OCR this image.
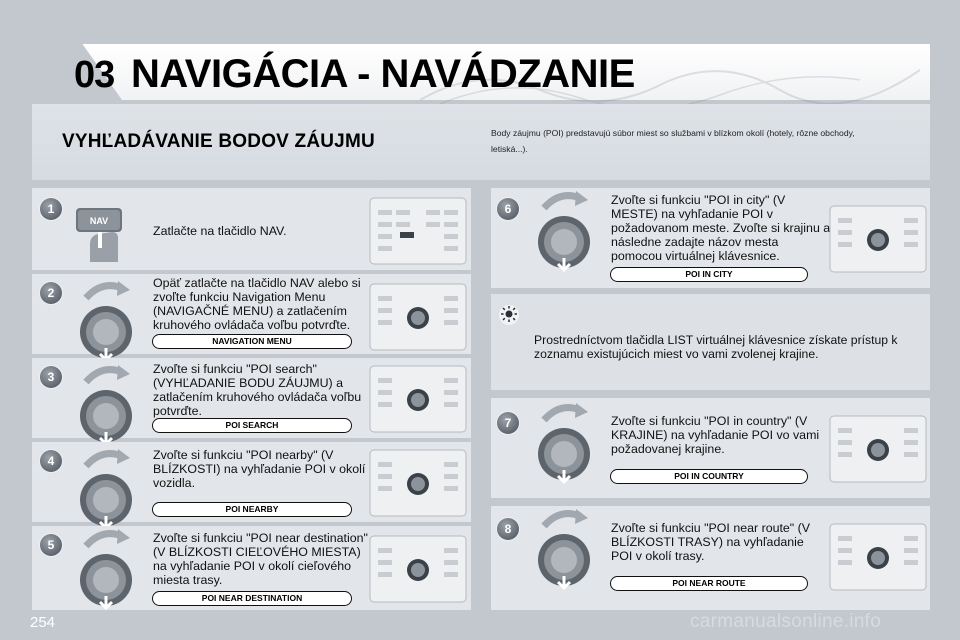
03 NAVIGÁCIA - NAVÁDZANIE
VYHĽADÁVANIE BODOV ZÁUJMU	Body záujmu (POI) predstavujú súbor miest so službami v blízkom okolí (hotely, rôzne obchody, letiská...).
1
NAV
Zatlačte na tlačidlo NAV.
2
Opäť zatlačte na tlačidlo NAV alebo si zvoľte funkciu Navigation Menu (NAVIGAČNÉ MENU) a zatlačením kruhového ovládača voľbu potvrďte.
NAVIGATION MENU
3
Zvoľte si funkciu "POI search" (VYHĽADANIE BODU ZÁUJMU) a zatlačením kruhového ovládača voľbu potvrďte.
POI SEARCH
4	Zvoľte si funkciu "POI nearby" (V BLÍZKOSTI) na vyhľadanie POI v okolí vozidla.
POI NEARBY
5	Zvoľte si funkciu "POI near destination" (V BLÍZKOSTI CIEĽOVÉHO MIESTA) na vyhľadanie POI v okolí cieľového miesta trasy.
POI NEAR DESTINATION
6
Zvoľte si funkciu "POI in city" (V MESTE) na vyhľadanie POI v požadovanom meste. Zvoľte si krajinu a následne zadajte názov mesta pomocou virtuálnej klávesnice.
POI IN CITY
Prostredníctvom tlačidla LIST virtuálnej klávesnice získate prístup k zoznamu existujúcich miest vo vami zvolenej krajine.
7	Zvoľte si funkciu "POI in country" (V KRAJINE) na vyhľadanie POI vo vami požadovanej krajine.
POI IN COUNTRY
8	Zvoľte si funkciu "POI near route" (V BLÍZKOSTI TRASY) na vyhľadanie POI v okolí trasy.
POI NEAR ROUTE
254	carmanualsonline.info
